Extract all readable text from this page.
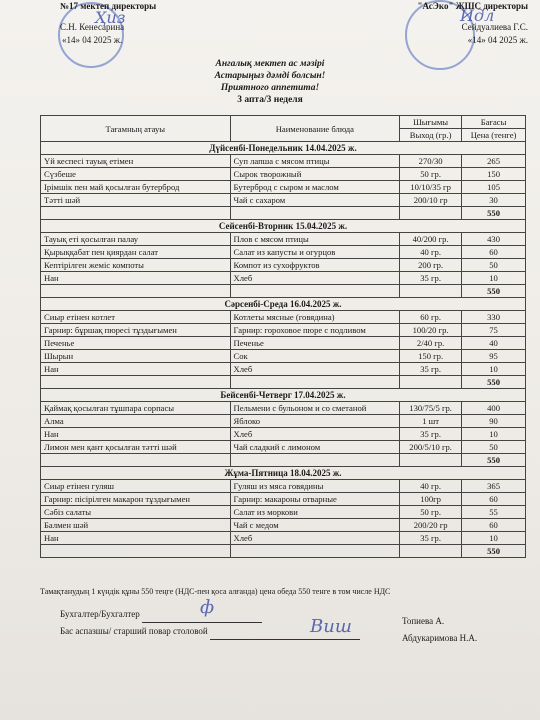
Ҳиз	Идл
№17 мектеп директоры
С.Н. Кенесарина
«14» 04 2025 ж.
"АсЭко" ЖШС директоры
Сейдуалиева Г.С.
«14» 04 2025 ж.
Ангалық мектеп ас мәзірі
Астарыңыз дәмді болсын!
Приятного аппетита!
3 апта/3 неделя
Тағамның атауы	Наименование блюда	Шығымы	Бағасы
		Выход (гр.)	Цена (тенге)
Дүйсенбі-Понедельник 14.04.2025 ж.			
Үй кеспесі тауық етімен	Суп лапша с мясом птицы	270/30	265
Сүзбеше	Сырок творожный	50 гр.	150
Ірімшік пен май қосылған бутерброд	Бутерброд с сыром и маслом	10/10/35 гр	105
Тәтті шәй	Чай с сахаром	200/10 гр	30
			550
Сейсенбі-Вторник 15.04.2025 ж.			
Тауық еті қосылған палау	Плов с мясом птицы	40/200 гр.	430
Қырыққабат пен қиярдан салат	Салат из капусты и огурцов	40 гр.	60
Кептірілген жеміс компоты	Компот из сухофруктов	200 гр.	50
Нан	Хлеб	35 гр.	10
			550
Сәрсенбі-Среда 16.04.2025 ж.			
Сиыр етінен котлет	Котлеты мясные (говядина)	60 гр.	330
Гарнир: бұршақ пюресі тұздығымен	Гарнир: гороховое пюре с подливом	100/20 гр.	75
Печенье	Печенье	2/40 гр.	40
Шырын	Сок	150 гр.	95
Нан	Хлеб	35 гр.	10
			550
Бейсенбі-Четверг 17.04.2025 ж.			
Қаймақ қосылған тұшпара сорпасы	Пельмени с бульоном и со сметаной	130/75/5 гр.	400
Алма	Яблоко	1 шт	90
Нан	Хлеб	35 гр.	10
Лимон мен қант қосылған тәтті шәй	Чай сладкий с лимоном	200/5/10 гр.	50
			550
Жұма-Пятница 18.04.2025 ж.			
Сиыр етінен гуляш	Гуляш из мяса говядины	40 гр.	365
Гарнир: пісірілген макарон тұздығымен	Гарнир: макароны отварные	100гр	60
Сәбіз салаты	Салат из моркови	50 гр.	55
Балмен шәй	Чай с медом	200/20 гр	60
Нан	Хлеб	35 гр.	10
			550
Тамақтанудың 1 күндік құны 550 теңге (НДС-пен қоса алғанда) цена обеда 550 тенге в том числе НДС
Бухгалтер/Бухгалтер
Бас аспазшы/ старший повар столовой
ф
Виш	Топиева А.
Абдукаримова Н.А.
